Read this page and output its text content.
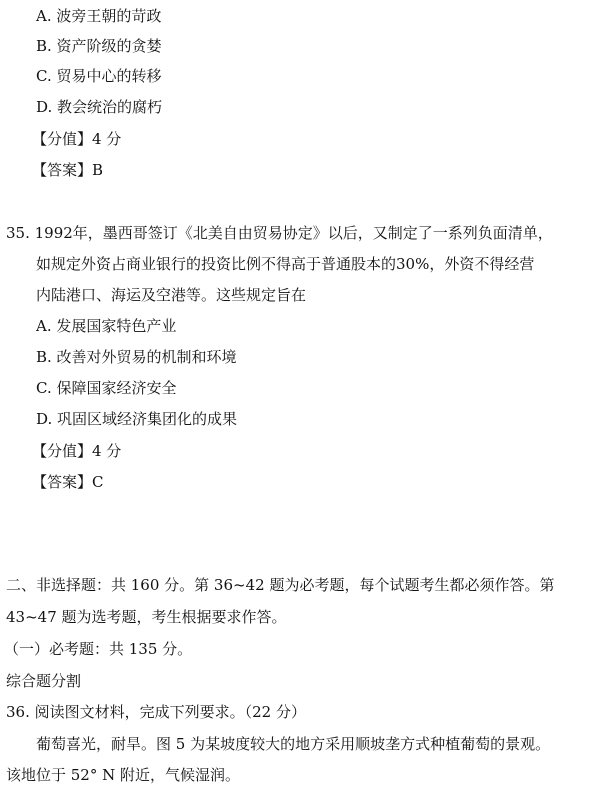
A. 波旁王朝的苛政
B. 资产阶级的贪婪
C. 贸易中心的转移
D. 教会统治的腐朽
【分值】4 分
【答案】B
35. 1992年，墨西哥签订《北美自由贸易协定》以后，又制定了一系列负面清单，
如规定外资占商业银行的投资比例不得高于普通股本的30%，外资不得经营
内陆港口、海运及空港等。这些规定旨在
A. 发展国家特色产业
B. 改善对外贸易的机制和环境
C. 保障国家经济安全
D. 巩固区域经济集团化的成果
【分值】4 分
【答案】C
二、非选择题：共 160 分。第 36~42 题为必考题，每个试题考生都必须作答。第
43~47 题为选考题，考生根据要求作答。
（一）必考题：共 135 分。
综合题分割
36. 阅读图文材料，完成下列要求。（22 分）
葡萄喜光，耐旱。图 5 为某坡度较大的地方采用顺坡垄方式种植葡萄的景观。
该地位于 52° N 附近，气候湿润。
